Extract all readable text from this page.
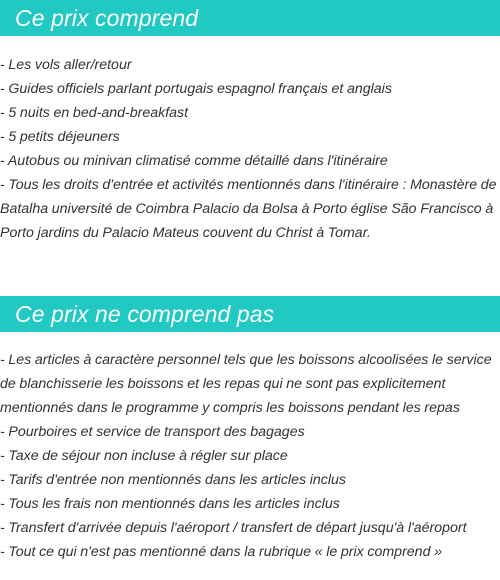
Ce prix comprend
- Les vols aller/retour
- Guides officiels parlant portugais espagnol français et anglais
- 5 nuits en bed-and-breakfast
- 5 petits déjeuners
- Autobus ou minivan climatisé comme détaillé dans l'itinéraire
- Tous les droits d'entrée et activités mentionnés dans l'itinéraire : Monastère de Batalha université de Coimbra Palacio da Bolsa à Porto église São Francisco à Porto jardins du Palacio Mateus couvent du Christ à Tomar.
Ce prix ne comprend pas
- Les articles à caractère personnel tels que les boissons alcoolisées le service de blanchisserie les boissons et les repas qui ne sont pas explicitement mentionnés dans le programme y compris les boissons pendant les repas
- Pourboires et service de transport des bagages
- Taxe de séjour non incluse à régler sur place
- Tarifs d'entrée non mentionnés dans les articles inclus
- Tous les frais non mentionnés dans les articles inclus
- Transfert d'arrivée depuis l'aéroport / transfert de départ jusqu'à l'aéroport
- Tout ce qui n'est pas mentionné dans la rubrique « le prix comprend »
